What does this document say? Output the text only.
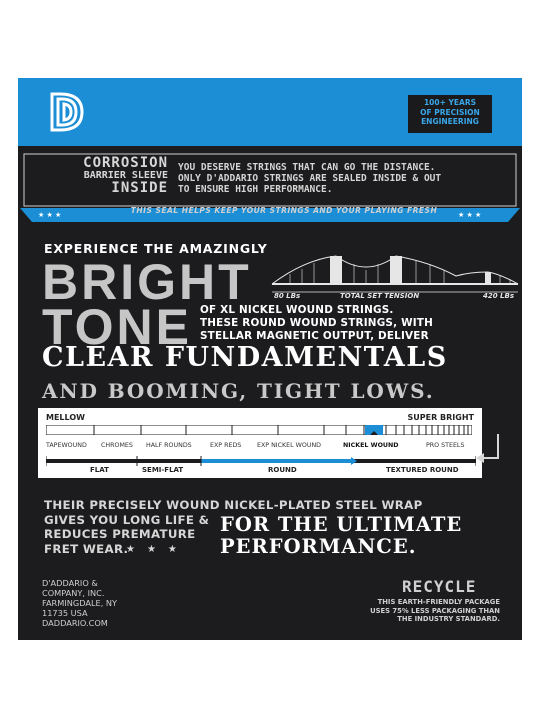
100+ YEARS
OF PRECISION
ENGINEERING
★ ★ ★	★ ★ ★
CORROSION
BARRIER SLEEVE
INSIDE
YOU DESERVE STRINGS THAT CAN GO THE DISTANCE.
ONLY D'ADDARIO STRINGS ARE SEALED INSIDE & OUT
TO ENSURE HIGH PERFORMANCE.
THIS SEAL HELPS KEEP YOUR STRINGS AND YOUR PLAYING FRESH
EXPERIENCE THE AMAZINGLY
BRIGHT
TONE
80 LBs	TOTAL SET TENSION	420 LBs
OF XL NICKEL WOUND STRINGS.
THESE ROUND WOUND STRINGS, WITH
STELLAR MAGNETIC OUTPUT, DELIVER
CLEAR FUNDAMENTALS
AND BOOMING, TIGHT LOWS.
MELLOW	SUPER BRIGHT
TAPEWOUND CHROMES HALF ROUNDS	EXP REDS EXP NICKEL WOUND	NICKEL WOUND	PRO STEELS
FLAT	SEMI-FLAT	ROUND	TEXTURED ROUND
THEIR PRECISELY WOUND NICKEL-PLATED STEEL WRAP
GIVES YOU LONG LIFE &
REDUCES PREMATURE
FRET WEAR.
★★★
FOR THE ULTIMATE
PERFORMANCE.
D'ADDARIO &
COMPANY, INC.
FARMINGDALE, NY
11735 USA
DADDARIO.COM
RECYCLE
THIS EARTH-FRIENDLY PACKAGE
USES 75% LESS PACKAGING THAN
THE INDUSTRY STANDARD.
